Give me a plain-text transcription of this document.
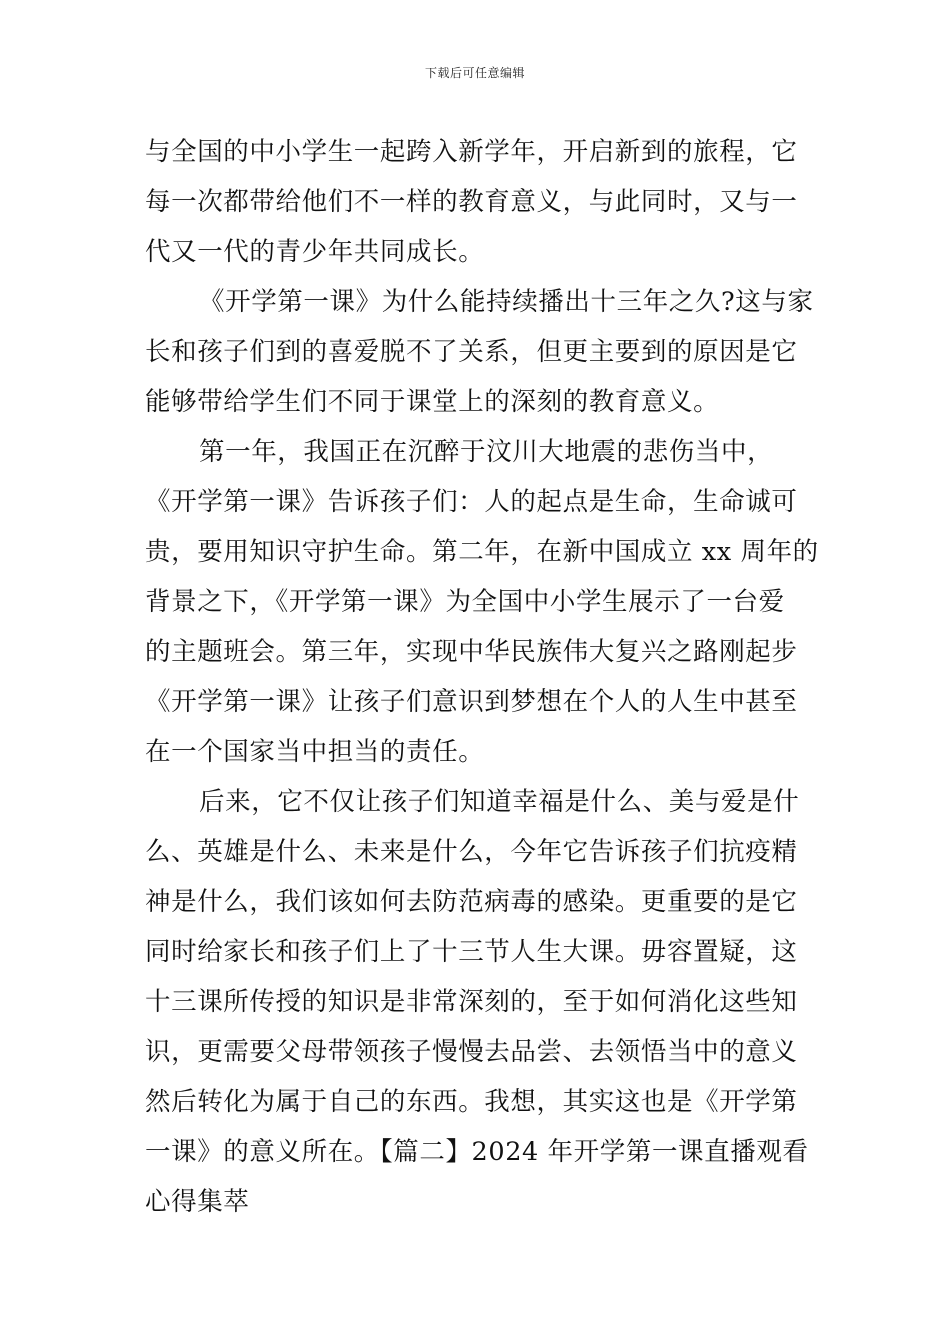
下载后可任意编辑
与全国的中小学生一起跨入新学年，开启新到的旅程，它
每一次都带给他们不一样的教育意义，与此同时，又与一
代又一代的青少年共同成长。
《开学第一课》为什么能持续播出十三年之久?这与家
长和孩子们到的喜爱脱不了关系，但更主要到的原因是它
能够带给学生们不同于课堂上的深刻的教育意义。
第一年，我国正在沉醉于汶川大地震的悲伤当中，
《开学第一课》告诉孩子们：人的起点是生命，生命诚可
贵，要用知识守护生命。第二年，在新中国成立 xx 周年的
背景之下，《开学第一课》为全国中小学生展示了一台爱
的主题班会。第三年，实现中华民族伟大复兴之路刚起步
《开学第一课》让孩子们意识到梦想在个人的人生中甚至
在一个国家当中担当的责任。
后来，它不仅让孩子们知道幸福是什么、美与爱是什
么、英雄是什么、未来是什么，今年它告诉孩子们抗疫精
神是什么，我们该如何去防范病毒的感染。更重要的是它
同时给家长和孩子们上了十三节人生大课。毋容置疑，这
十三课所传授的知识是非常深刻的，至于如何消化这些知
识，更需要父母带领孩子慢慢去品尝、去领悟当中的意义
然后转化为属于自己的东西。我想，其实这也是《开学第
一课》的意义所在。【篇二】2024 年开学第一课直播观看
心得集萃
